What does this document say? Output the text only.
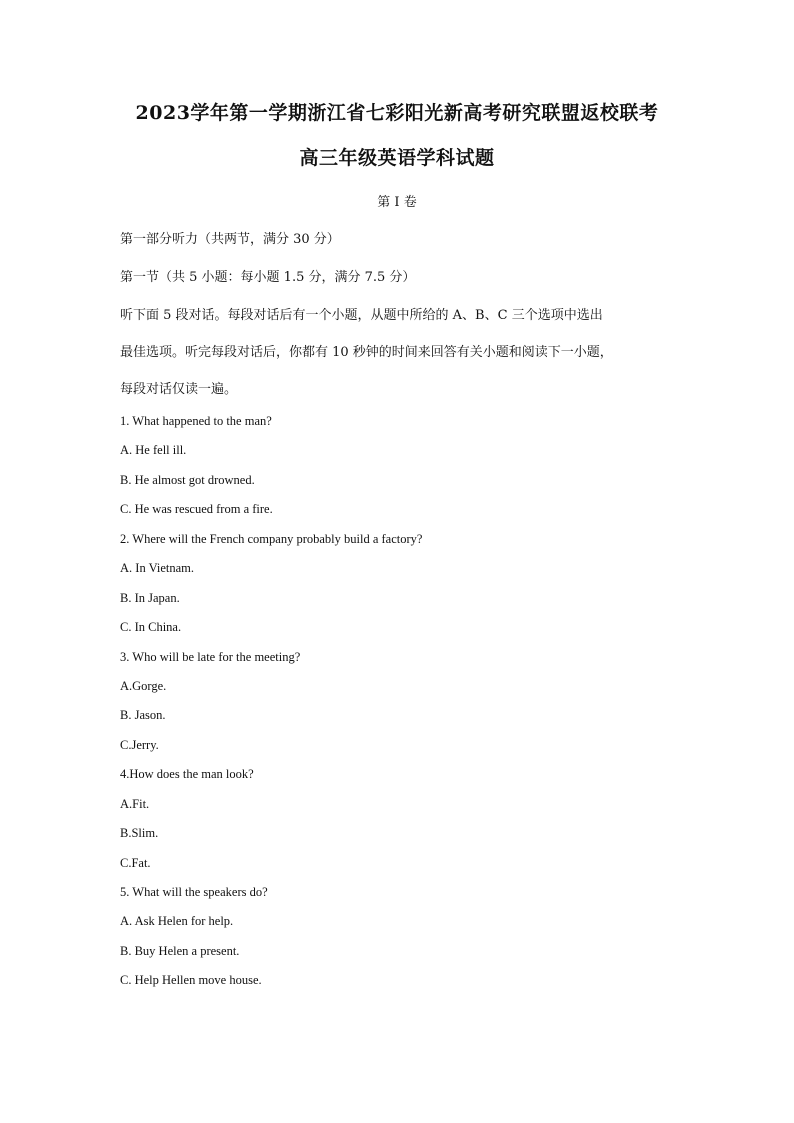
2023学年第一学期浙江省七彩阳光新高考研究联盟返校联考
高三年级英语学科试题
第 I 卷
第一部分听力（共两节，满分 30 分）
第一节（共 5 小题：每小题 1.5 分，满分 7.5 分）
听下面 5 段对话。每段对话后有一个小题，从题中所给的 A、B、C 三个选项中选出
最佳选项。听完每段对话后，你都有 10 秒钟的时间来回答有关小题和阅读下一小题，
每段对话仅读一遍。
1. What happened to the man?
A. He fell ill.
B. He almost got drowned.
C. He was rescued from a fire.
2. Where will the French company probably build a factory?
A. In Vietnam.
B. In Japan.
C. In China.
3. Who will be late for the meeting?
A.Gorge.
B. Jason.
C.Jerry.
4.How does the man look?
A.Fit.
B.Slim.
C.Fat.
5. What will the speakers do?
A. Ask Helen for help.
B. Buy Helen a present.
C. Help Hellen move house.
